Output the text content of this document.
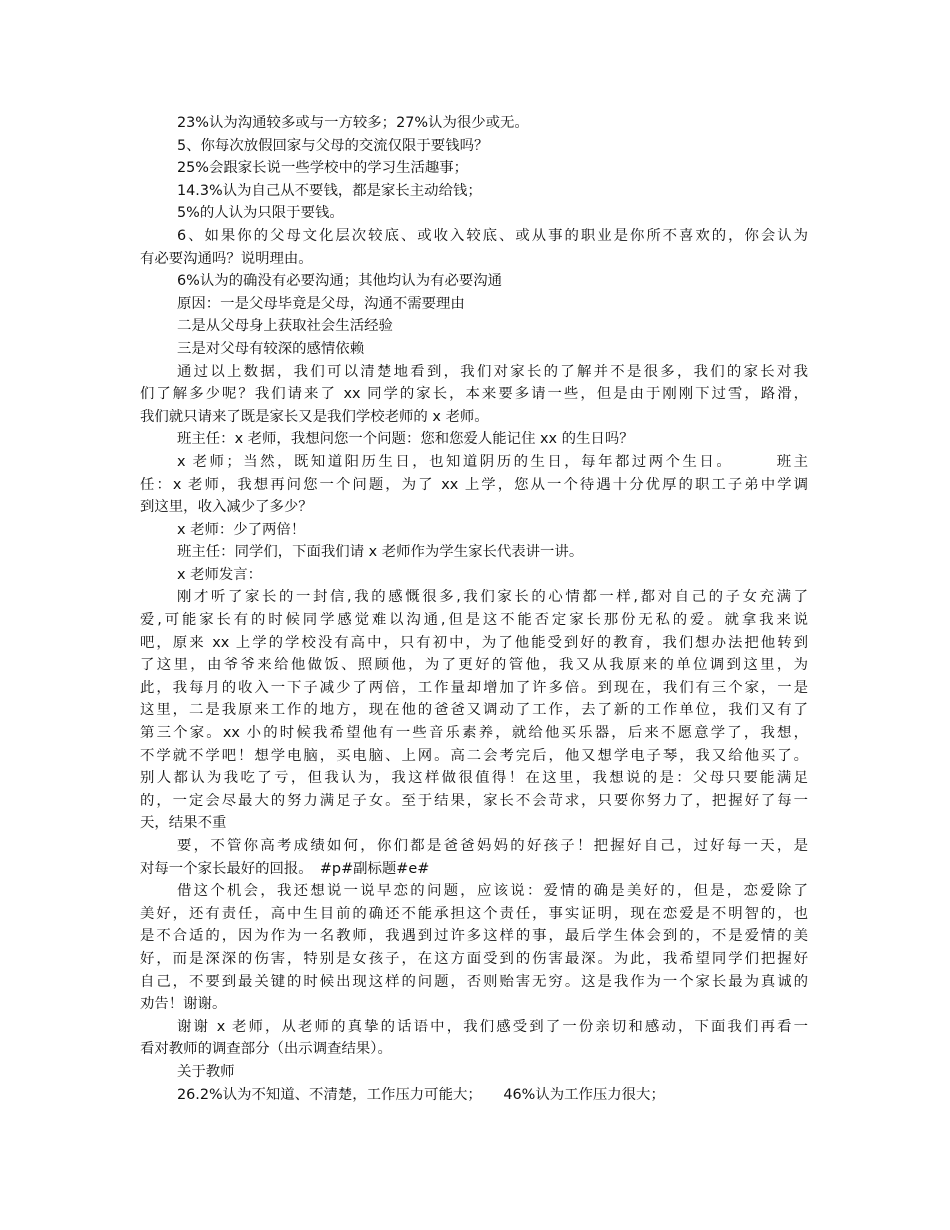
23%认为沟通较多或与一方较多；27%认为很少或无。
5、你每次放假回家与父母的交流仅限于要钱吗？
25%会跟家长说一些学校中的学习生活趣事；
14.3%认为自己从不要钱，都是家长主动给钱；
5%的人认为只限于要钱。
6、如果你的父母文化层次较底、或收入较底、或从事的职业是你所不喜欢的，你会认为
有必要沟通吗？说明理由。
6%认为的确没有必要沟通；其他均认为有必要沟通
原因：一是父母毕竟是父母，沟通不需要理由
二是从父母身上获取社会生活经验
三是对父母有较深的感情依赖
通过以上数据，我们可以清楚地看到，我们对家长的了解并不是很多，我们的家长对我
们了解多少呢？我们请来了 xx 同学的家长，本来要多请一些，但是由于刚刚下过雪，路滑，
我们就只请来了既是家长又是我们学校老师的 x 老师。
班主任：x 老师，我想问您一个问题：您和您爱人能记住 xx 的生日吗？
x 老师；当然，既知道阳历生日，也知道阴历的生日，每年都过两个生日。　　　班主
任：x 老师，我想再问您一个问题，为了 xx 上学，您从一个待遇十分优厚的职工子弟中学调
到这里，收入减少了多少？
x 老师：少了两倍！
班主任：同学们，下面我们请 x 老师作为学生家长代表讲一讲。
x 老师发言：
刚才听了家长的一封信,我的感慨很多,我们家长的心情都一样,都对自己的子女充满了
爱,可能家长有的时候同学感觉难以沟通,但是这不能否定家长那份无私的爱。就拿我来说
吧，原来 xx 上学的学校没有高中，只有初中，为了他能受到好的教育，我们想办法把他转到
了这里，由爷爷来给他做饭、照顾他，为了更好的管他，我又从我原来的单位调到这里，为
此，我每月的收入一下子减少了两倍，工作量却增加了许多倍。到现在，我们有三个家，一是
这里，二是我原来工作的地方，现在他的爸爸又调动了工作，去了新的工作单位，我们又有了
第三个家。xx 小的时候我希望他有一些音乐素养，就给他买乐器，后来不愿意学了，我想，
不学就不学吧！想学电脑，买电脑、上网。高二会考完后，他又想学电子琴，我又给他买了。
别人都认为我吃了亏，但我认为，我这样做很值得！在这里，我想说的是：父母只要能满足
的，一定会尽最大的努力满足子女。至于结果，家长不会苛求，只要你努力了，把握好了每一
天，结果不重
要，不管你高考成绩如何，你们都是爸爸妈妈的好孩子！把握好自己，过好每一天，是
对每一个家长最好的回报。　#p#副标题#e#
借这个机会，我还想说一说早恋的问题，应该说：爱情的确是美好的，但是，恋爱除了
美好，还有责任，高中生目前的确还不能承担这个责任，事实证明，现在恋爱是不明智的，也
是不合适的，因为作为一名教师，我遇到过许多这样的事，最后学生体会到的，不是爱情的美
好，而是深深的伤害，特别是女孩子，在这方面受到的伤害最深。为此，我希望同学们把握好
自己，不要到最关键的时候出现这样的问题，否则贻害无穷。这是我作为一个家长最为真诚的
劝告！谢谢。
谢谢 x 老师，从老师的真挚的话语中，我们感受到了一份亲切和感动，下面我们再看一
看对教师的调查部分（出示调查结果）。
关于教师
26.2%认为不知道、不清楚，工作压力可能大；　　46%认为工作压力很大；
